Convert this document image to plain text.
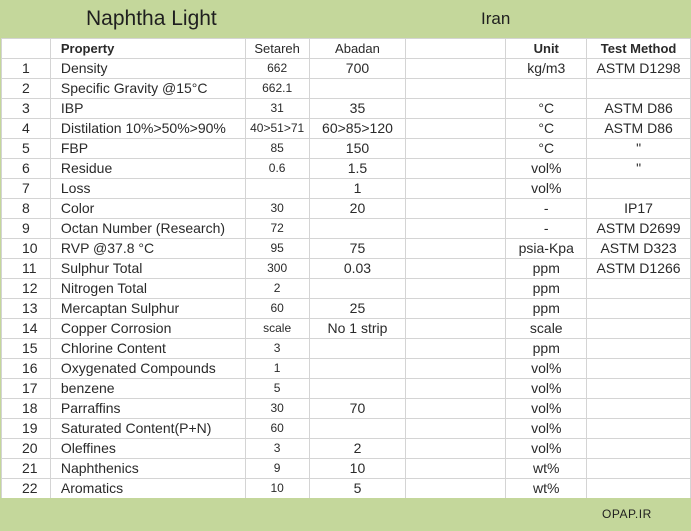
Naphtha Light	Iran
	Property	Setareh	Abadan		Unit	Test Method
1	Density	662	700		kg/m3	ASTM D1298
2	Specific Gravity @15°C	662.1				
3	IBP	31	35		°C	ASTM D86
4	Distilation 10%>50%>90%	40>51>71	60>85>120		°C	ASTM D86
5	FBP	85	150		°C	"
6	Residue	0.6	1.5		vol%	"
7	Loss		1		vol%	
8	Color	30	20		-	IP17
9	Octan Number (Research)	72			-	ASTM D2699
10	RVP @37.8 °C	95	75		psia-Kpa	ASTM D323
11	Sulphur Total	300	0.03		ppm	ASTM D1266
12	Nitrogen Total	2			ppm	
13	Mercaptan Sulphur	60	25		ppm	
14	Copper Corrosion	scale	No 1 strip		scale	
15	Chlorine Content	3			ppm	
16	Oxygenated Compounds	1			vol%	
17	benzene	5			vol%	
18	Parraffins	30	70		vol%	
19	Saturated Content(P+N)	60			vol%	
20	Oleffines	3	2		vol%	
21	Naphthenics	9	10		wt%	
22	Aromatics	10	5		wt%	
OPAP.IR
